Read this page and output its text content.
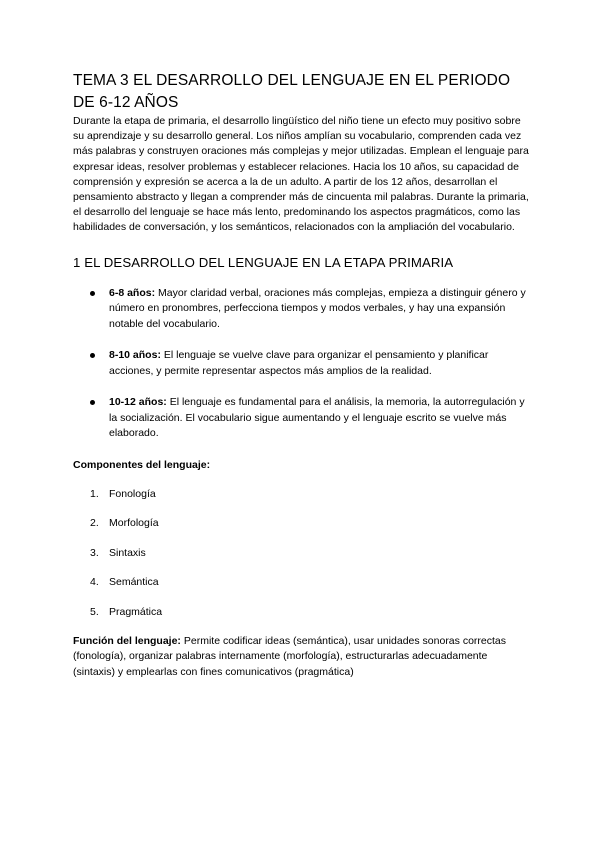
TEMA 3 EL DESARROLLO DEL LENGUAJE EN EL PERIODO DE 6-12 AÑOS

Durante la etapa de primaria, el desarrollo lingüístico del niño tiene un efecto muy positivo sobre su aprendizaje y su desarrollo general. Los niños amplían su vocabulario, comprenden cada vez más palabras y construyen oraciones más complejas y mejor utilizadas. Emplean el lenguaje para expresar ideas, resolver problemas y establecer relaciones. Hacia los 10 años, su capacidad de comprensión y expresión se acerca a la de un adulto. A partir de los 12 años, desarrollan el pensamiento abstracto y llegan a comprender más de cincuenta mil palabras. Durante la primaria, el desarrollo del lenguaje se hace más lento, predominando los aspectos pragmáticos, como las habilidades de conversación, y los semánticos, relacionados con la ampliación del vocabulario.

1 EL DESARROLLO DEL LENGUAJE EN LA ETAPA PRIMARIA
6-8 años: Mayor claridad verbal, oraciones más complejas, empieza a distinguir género y número en pronombres, perfecciona tiempos y modos verbales, y hay una expansión notable del vocabulario.
8-10 años: El lenguaje se vuelve clave para organizar el pensamiento y planificar acciones, y permite representar aspectos más amplios de la realidad.
10-12 años: El lenguaje es fundamental para el análisis, la memoria, la autorregulación y la socialización. El vocabulario sigue aumentando y el lenguaje escrito se vuelve más elaborado.

Componentes del lenguaje:

1. Fonología
2. Morfología
3. Sintaxis
4. Semántica
5. Pragmática

Función del lenguaje: Permite codificar ideas (semántica), usar unidades sonoras correctas (fonología), organizar palabras internamente (morfología), estructurarlas adecuadamente (sintaxis) y emplearlas con fines comunicativos (pragmática)
